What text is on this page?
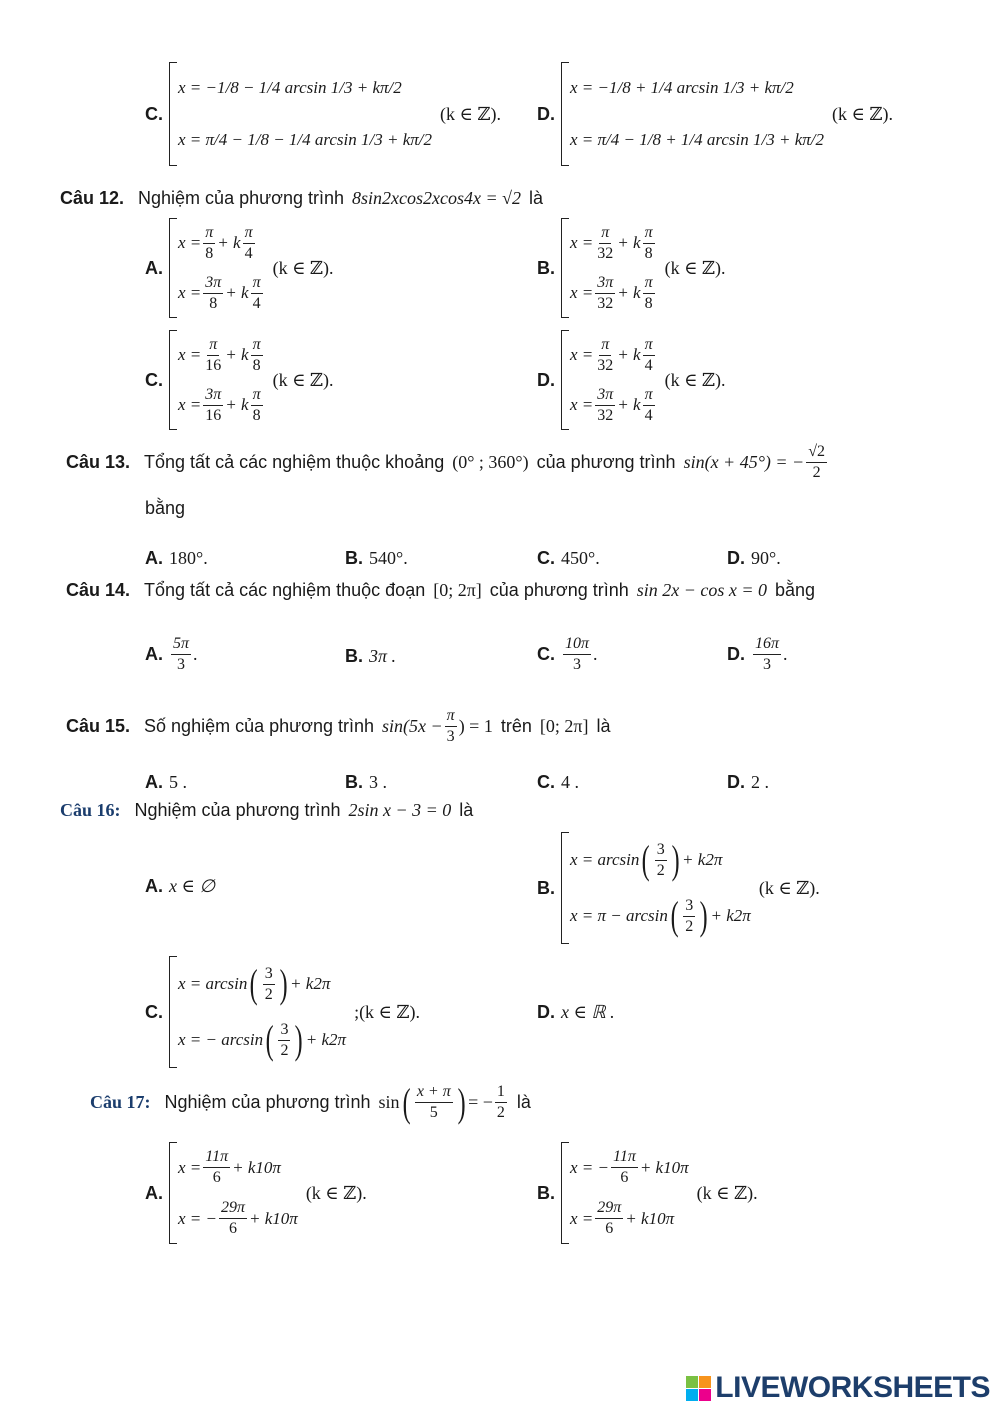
C.
x = −1/8 − 1/4 arcsin 1/3 + kπ/2
x = π/4 − 1/8 − 1/4 arcsin 1/3 + kπ/2
(k ∈ ℤ). D.
x = −1/8 + 1/4 arcsin 1/3 + kπ/2
x = π/4 − 1/8 + 1/4 arcsin 1/3 + kπ/2
(k ∈ ℤ).
Câu 12. Nghiệm của phương trình 8sin2xcos2xcos4x = √2 là
A.
$x = \frac{\pi}{8} + k \frac{\pi}{4}$
$x = \frac{3\pi}{8} + k \frac{\pi}{4}$
(k ∈ ℤ).	B.
$x = \frac{\pi}{32} + k \frac{\pi}{8}$
$x = \frac{3\pi}{32} + k \frac{\pi}{8}$
(k ∈ ℤ).
C.
$x = \frac{\pi}{16} + k \frac{\pi}{8}$
$x = \frac{3\pi}{16} + k \frac{\pi}{8}$
(k ∈ ℤ).	D.
$x = \frac{\pi}{32} + k \frac{\pi}{4}$
$x = \frac{3\pi}{32} + k \frac{\pi}{4}$
(k ∈ ℤ).
Câu 13. Tổng tất cả các nghiệm thuộc khoảng (0° ; 360°) của phương trình sin(x + 45°) = − $\frac{√2}{2}$
bằng
A. 180°.	B. 540°.	C. 450°.	D. 90°.
Câu 14. Tổng tất cả các nghiệm thuộc đoạn [0; 2π] của phương trình sin 2x − cos x = 0 bằng
A. $\frac{5\pi}{3}$ .	B. 3π .	C. $\frac{10\pi}{3}$ .	D. $\frac{16\pi}{3}$ .
Câu 15. Số nghiệm của phương trình $\sin(5x - \frac{\pi}{3}$ ) = 1 trên [0; 2π] là
A. 5 .	B. 3 .	C. 4 .	D. 2 .
Câu 16: Nghiệm của phương trình 2sin x − 3 = 0 là
A. x ∈ ∅	B.
x = arcsin ( $\frac{3}{2}$ ) + k2π
x = π − arcsin ( $\frac{3}{2}$ ) + k2π
(k ∈ ℤ).
C.
x = arcsin ( $\frac{3}{2}$ ) + k2π
x = − arcsin ( $\frac{3}{2}$ ) + k2π
;(k ∈ ℤ).	D. x ∈ ℝ .
Câu 17: Nghiệm của phương trình sin ( $\frac{x + \pi}{5}$ ) = − $\frac{1}{2}$ là
A.
$x = \frac{11\pi}{6} + k10\pi$
x = − $\frac{29\pi}{6} + k10\pi$
(k ∈ ℤ).	B.
x = − $\frac{11\pi}{6} + k10\pi$
$x = \frac{29\pi}{6} + k10\pi$
(k ∈ ℤ).
LIVEWORKSHEETS
